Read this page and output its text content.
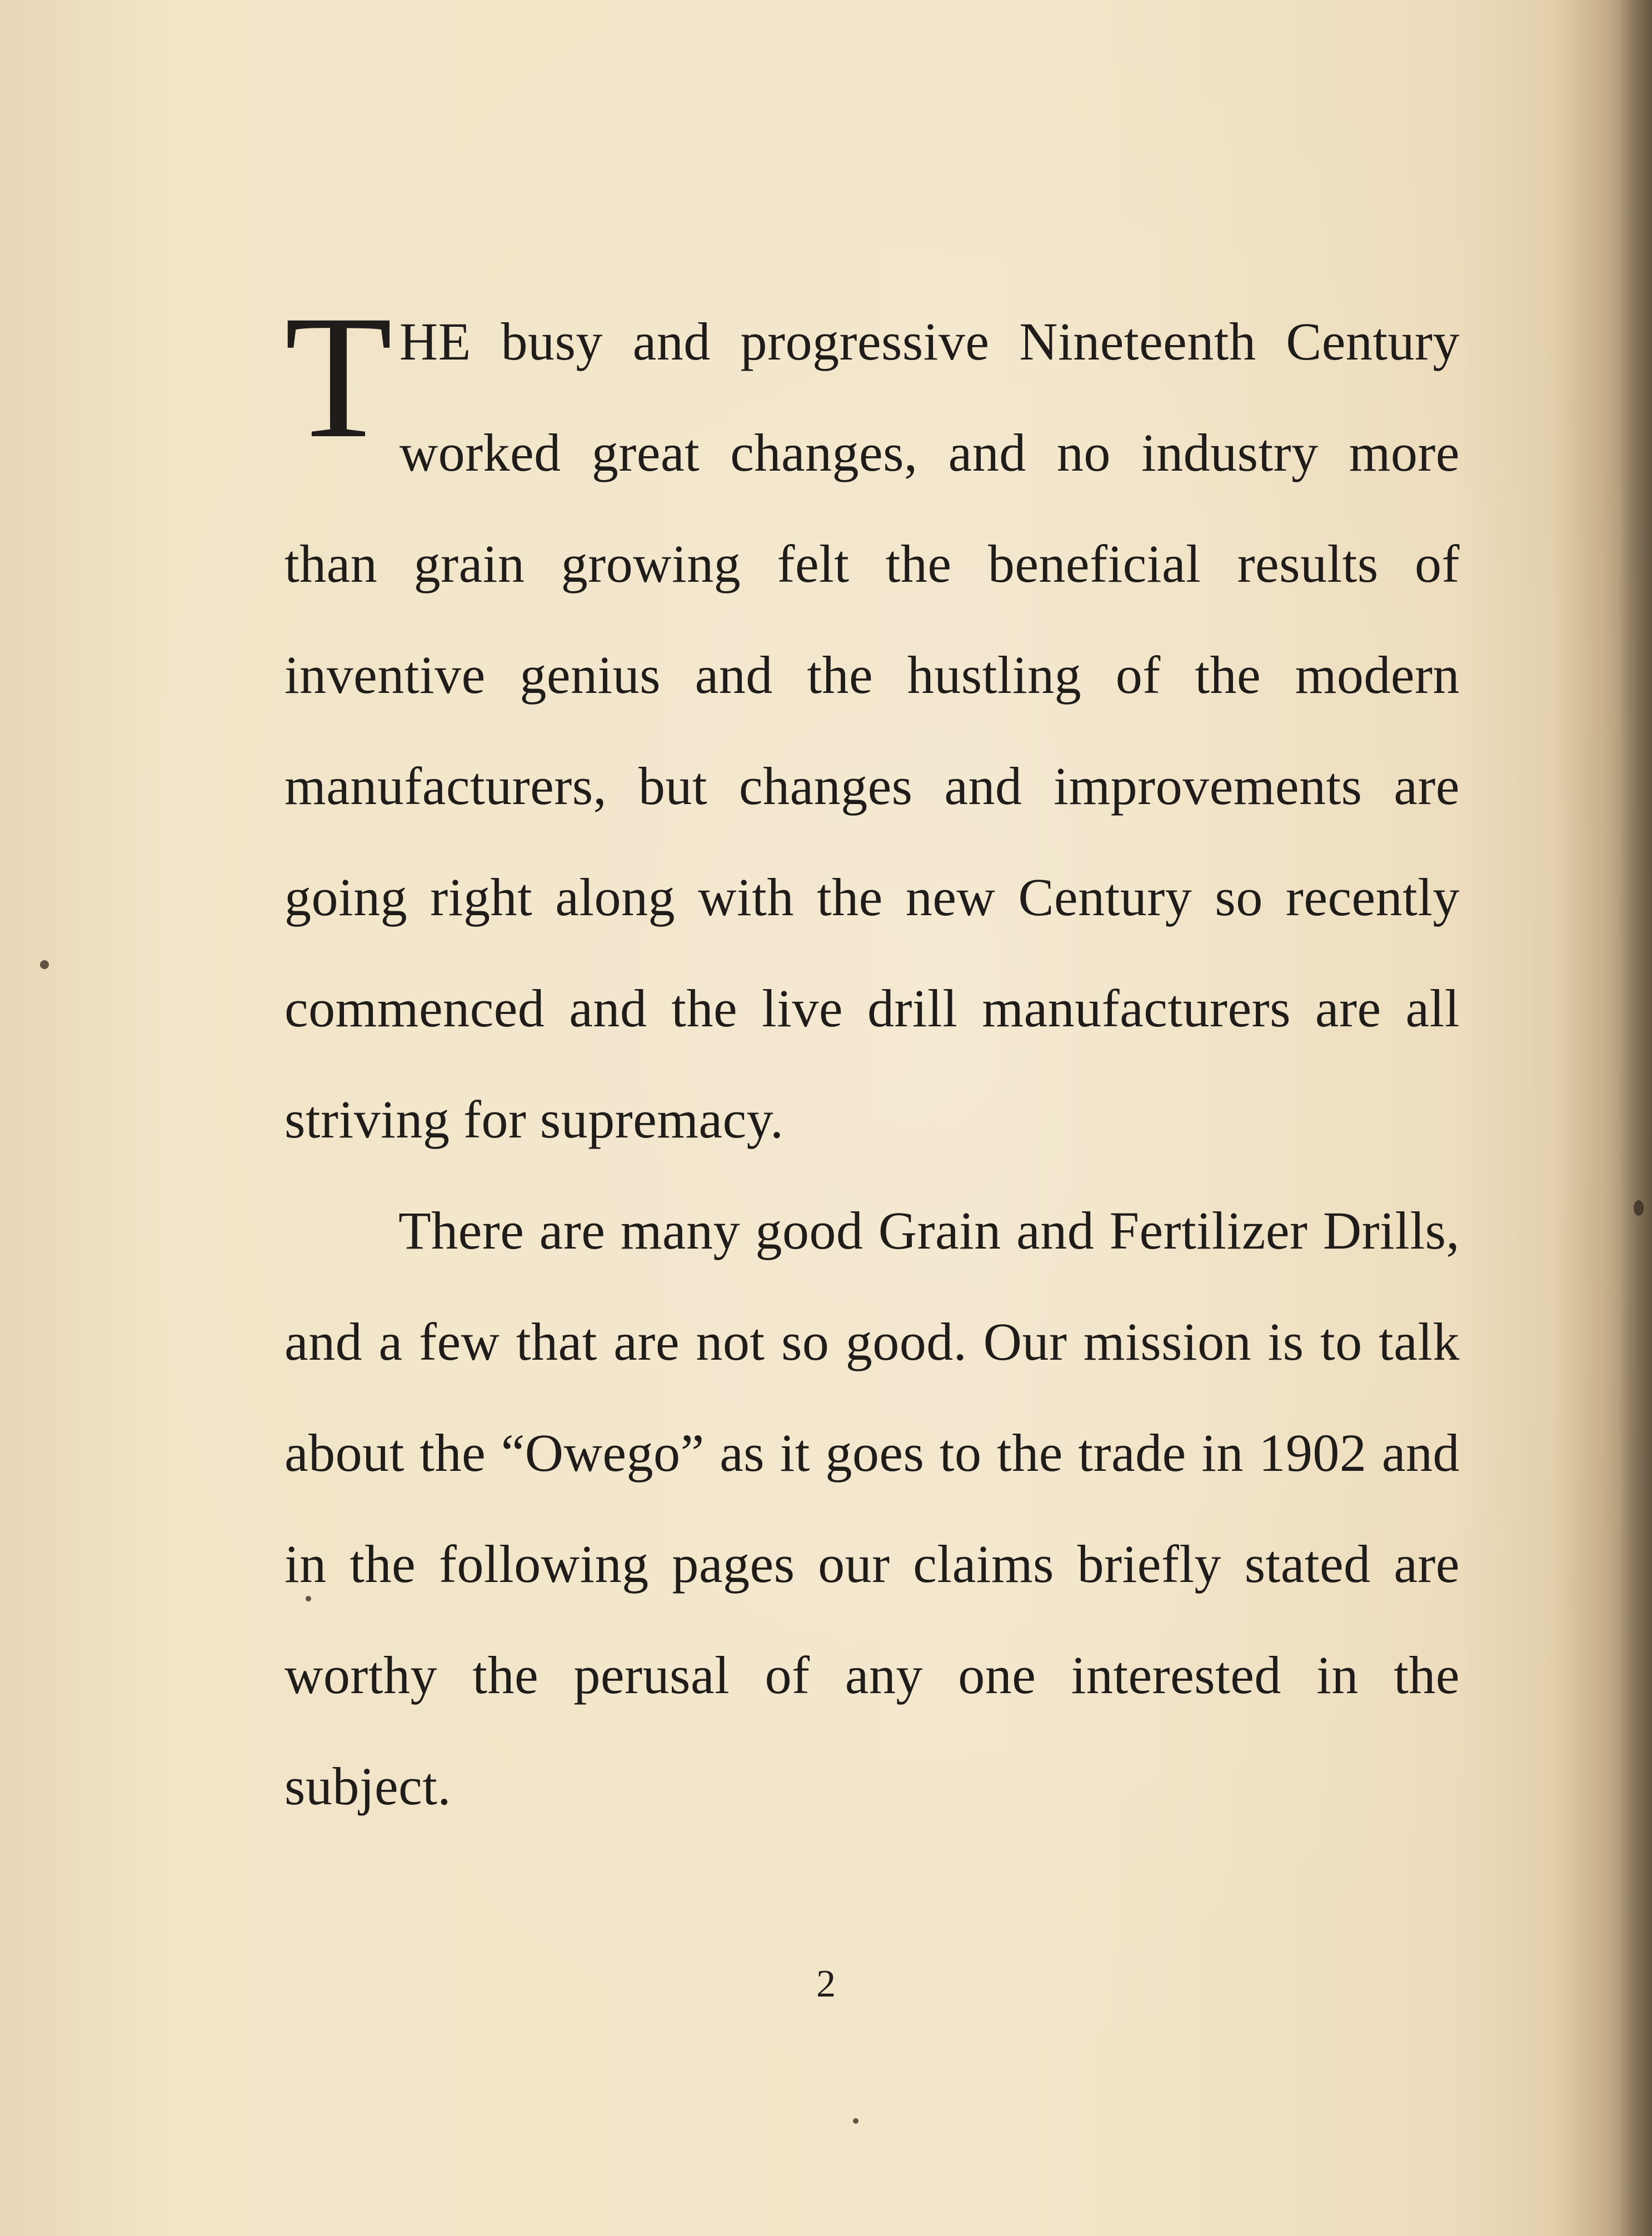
THE busy and progressive Nineteenth Century worked great changes, and no industry more than grain growing felt the beneficial results of inventive genius and the hustling of the modern manufacturers, but changes and improvements are going right along with the new Century so recently commenced and the live drill manufacturers are all striving for supremacy.

There are many good Grain and Fertilizer Drills, and a few that are not so good. Our mission is to talk about the “Owego” as it goes to the trade in 1902 and in the following pages our claims briefly stated are worthy the perusal of any one interested in the subject.

2
